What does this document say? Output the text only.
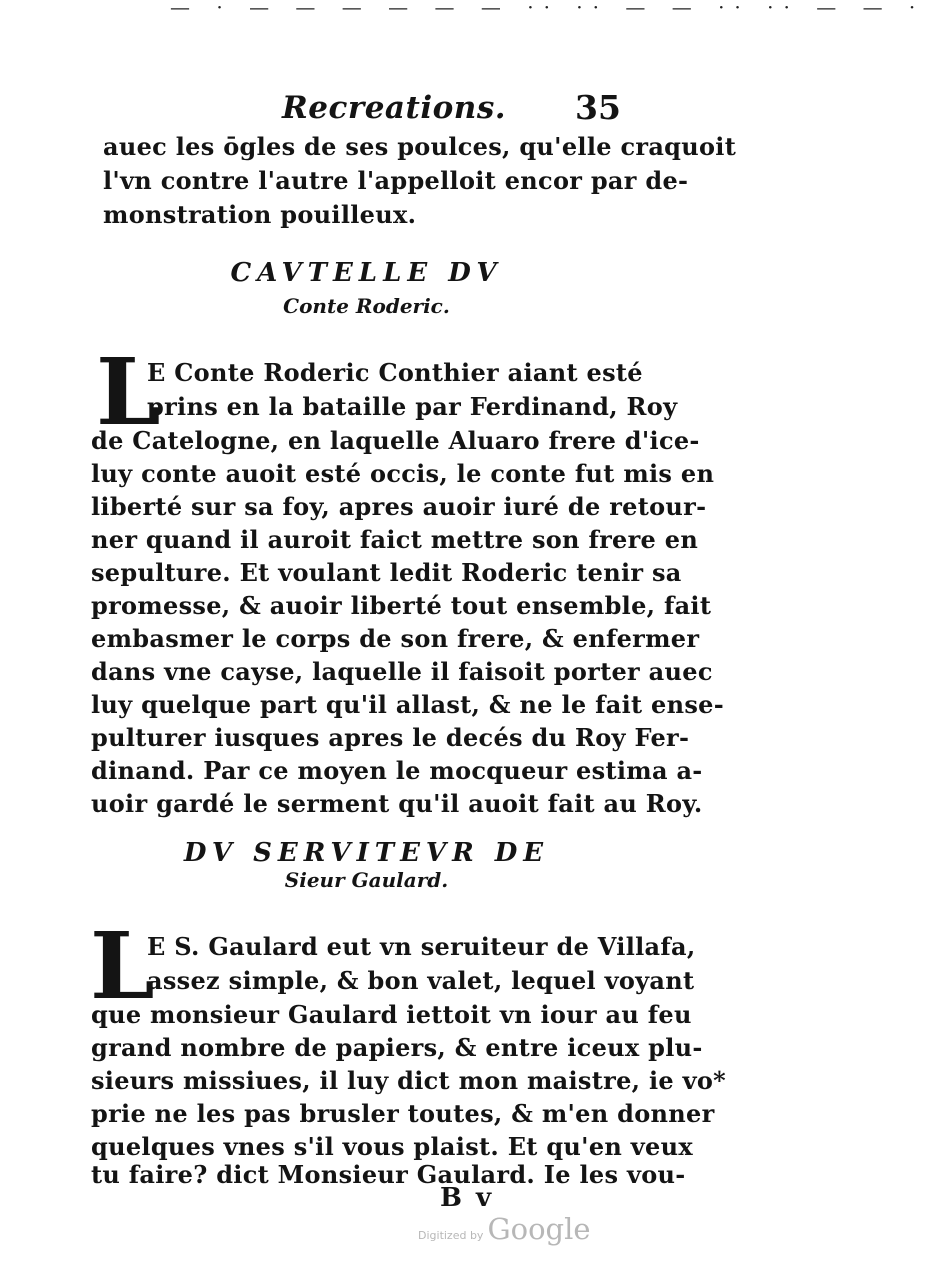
— · — — — — — — ·· ·· — — ·· ·· — — ·
Recreations. 35
auec les ōgles de ses poulces, qu'elle craquoit
l'vn contre l'autre l'appelloit encor par de-
monstration pouilleux.
CAVTELLE DV
Conte Roderic.
L
E Conte Roderic Conthier aiant esté
prins en la bataille par Ferdinand, Roy
de Catelogne, en laquelle Aluaro frere d'ice-
luy conte auoit esté occis, le conte fut mis en
liberté sur sa foy, apres auoir iuré de retour-
ner quand il auroit faict mettre son frere en
sepulture. Et voulant ledit Roderic tenir sa
promesse, & auoir liberté tout ensemble, fait
embasmer le corps de son frere, & enfermer
dans vne cayse, laquelle il faisoit porter auec
luy quelque part qu'il allast, & ne le fait ense-
pulturer iusques apres le decés du Roy Fer-
dinand. Par ce moyen le mocqueur estima a-
uoir gardé le serment qu'il auoit fait au Roy.
DV SERVITEVR DE
Sieur Gaulard.
L
E S. Gaulard eut vn seruiteur de Villafa,
assez simple, & bon valet, lequel voyant
que monsieur Gaulard iettoit vn iour au feu
grand nombre de papiers, & entre iceux plu-
sieurs missiues, il luy dict mon maistre, ie vo*
prie ne les pas brusler toutes, & m'en donner
quelques vnes s'il vous plaist. Et qu'en veux
tu faire? dict Monsieur Gaulard. Ie les vou-
Bv
Digitized by Google
